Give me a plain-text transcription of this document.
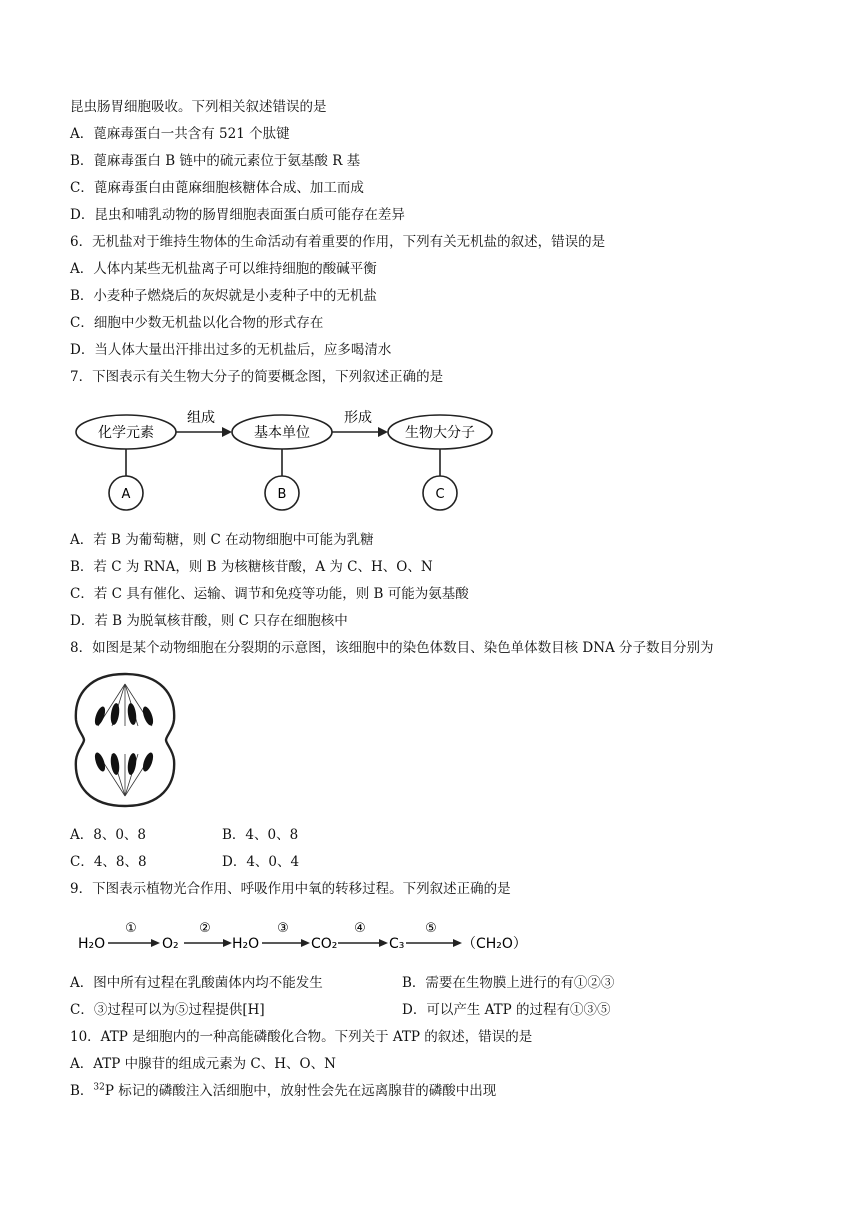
昆虫肠胃细胞吸收。下列相关叙述错误的是
A．蓖麻毒蛋白一共含有 521 个肽键
B．蓖麻毒蛋白 B 链中的硫元素位于氨基酸 R 基
C．蓖麻毒蛋白由蓖麻细胞核糖体合成、加工而成
D．昆虫和哺乳动物的肠胃细胞表面蛋白质可能存在差异
6．无机盐对于维持生物体的生命活动有着重要的作用，下列有关无机盐的叙述，错误的是
A．人体内某些无机盐离子可以维持细胞的酸碱平衡
B．小麦种子燃烧后的灰烬就是小麦种子中的无机盐
C．细胞中少数无机盐以化合物的形式存在
D．当人体大量出汗排出过多的无机盐后，应多喝清水
7．下图表示有关生物大分子的简要概念图，下列叙述正确的是
化学元素	基本单位	生物大分子
组成	形成
A	B	C
A．若 B 为葡萄糖，则 C 在动物细胞中可能为乳糖
B．若 C 为 RNA，则 B 为核糖核苷酸，A 为 C、H、O、N
C．若 C 具有催化、运输、调节和免疫等功能，则 B 可能为氨基酸
D．若 B 为脱氧核苷酸，则 C 只存在细胞核中
8．如图是某个动物细胞在分裂期的示意图，该细胞中的染色体数目、染色单体数目核 DNA 分子数目分别为
A．8、0、8	B．4、0、8
C．4、8、8	D．4、0、4
9．下图表示植物光合作用、呼吸作用中氧的转移过程。下列叙述正确的是
H₂O	O₂	H₂O	CO₂	C₃	（CH₂O）
①	②	③	④	⑤
A．图中所有过程在乳酸菌体内均不能发生	B．需要在生物膜上进行的有①②③
C．③过程可以为⑤过程提供[H]	D．可以产生 ATP 的过程有①③⑤
10．ATP 是细胞内的一种高能磷酸化合物。下列关于 ATP 的叙述，错误的是
A．ATP 中腺苷的组成元素为 C、H、O、N
B．$^{32}$P 标记的磷酸注入活细胞中，放射性会先在远离腺苷的磷酸中出现
